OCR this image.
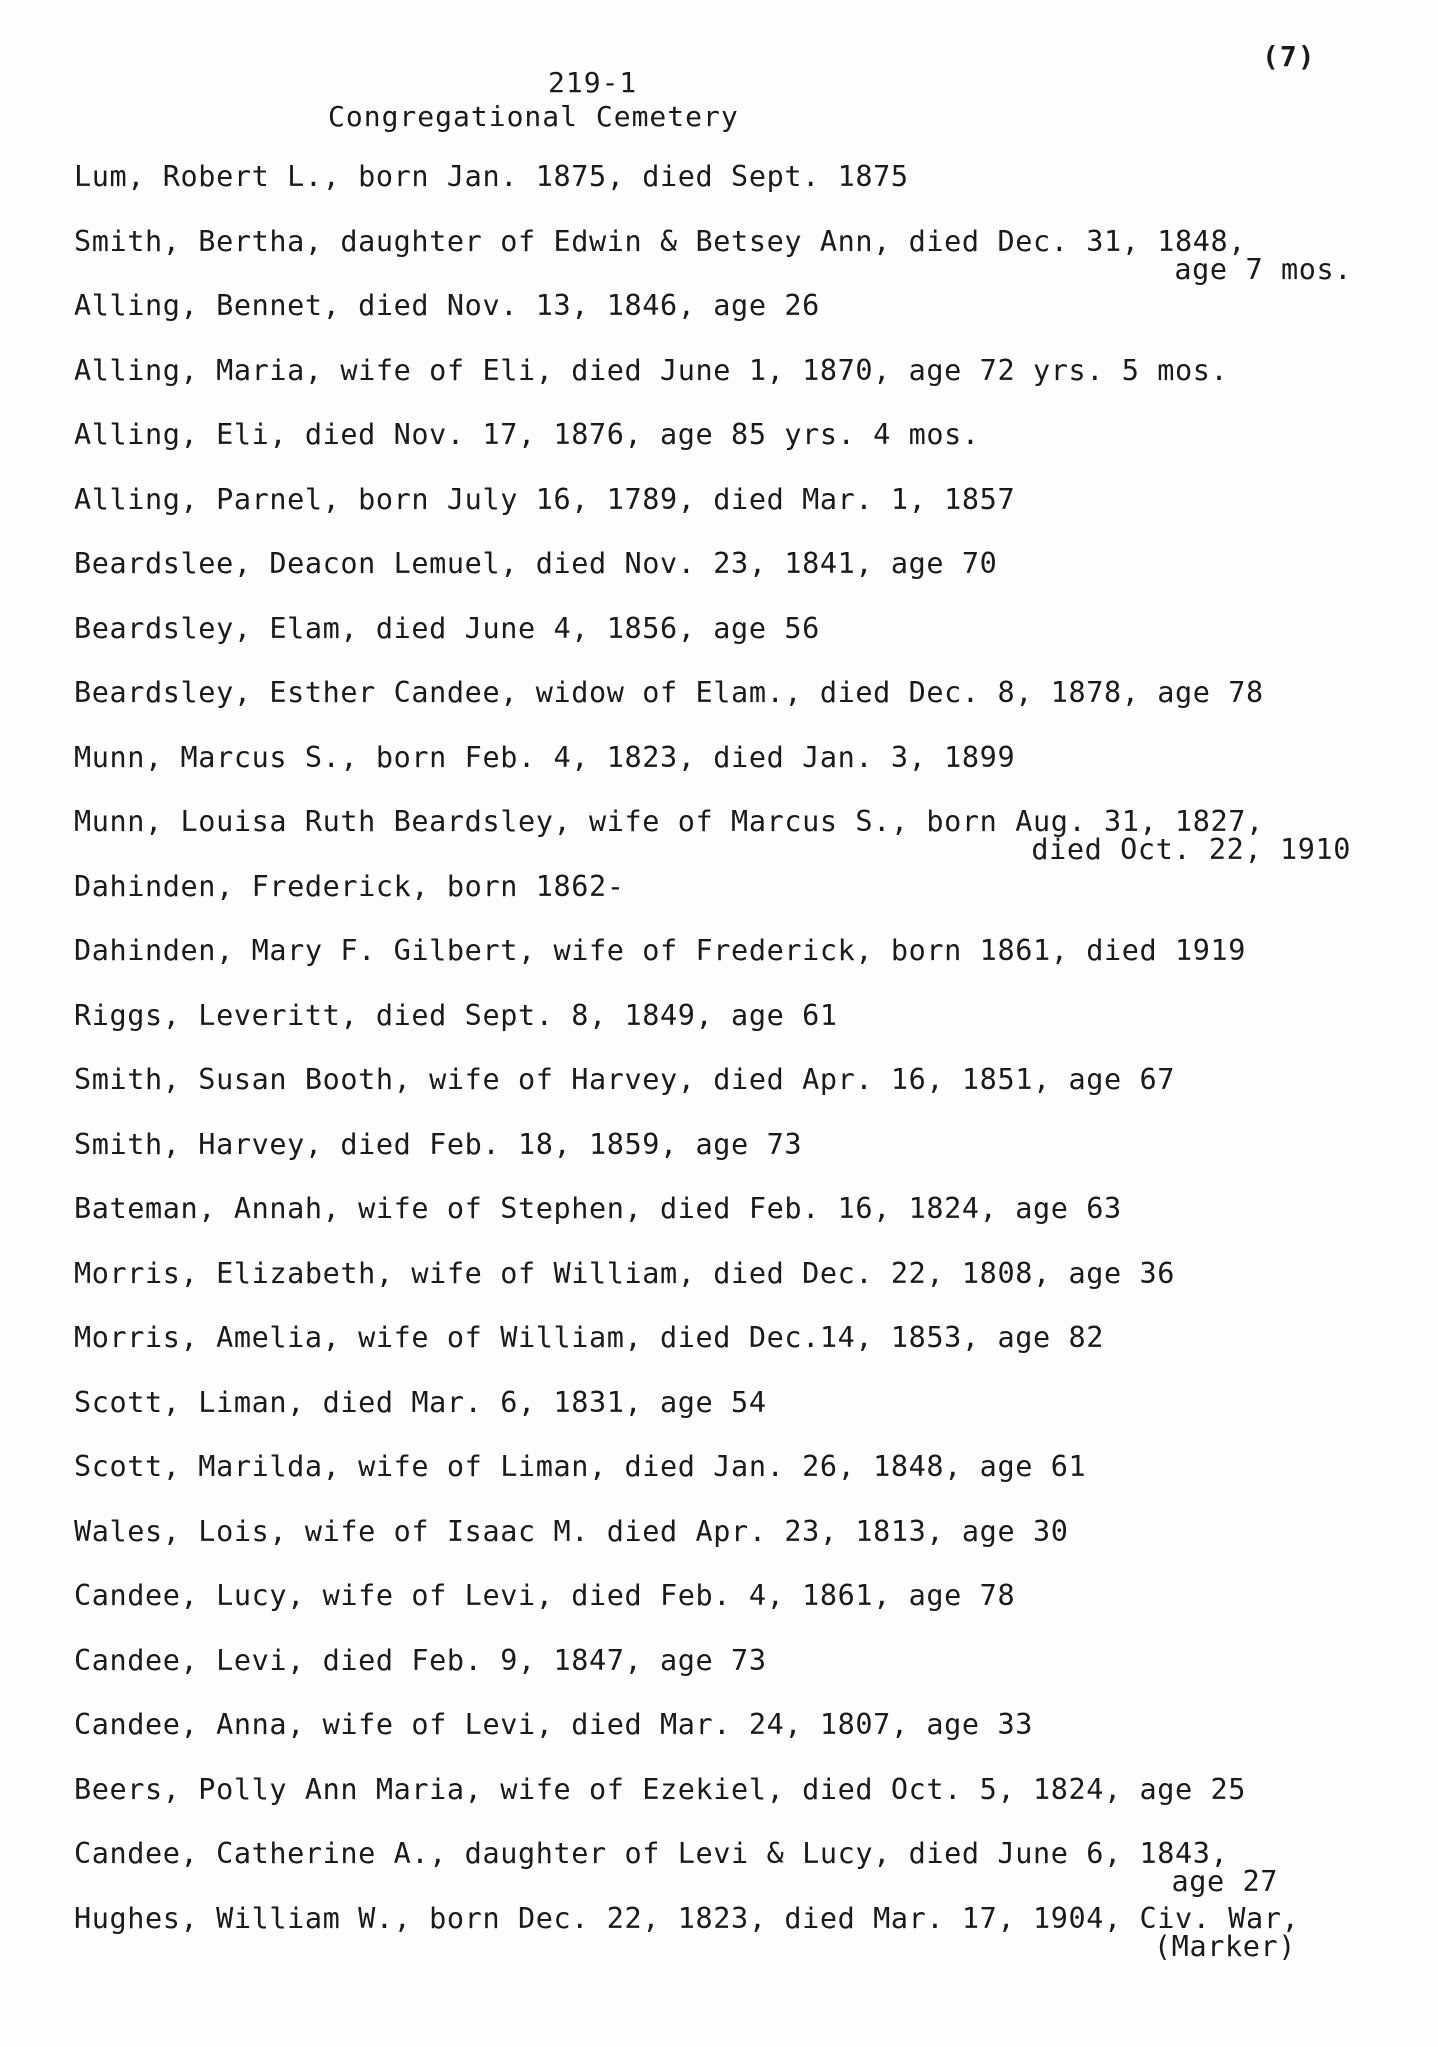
(7)
219-1
Congregational Cemetery
Lum, Robert L., born Jan. 1875, died Sept. 1875
Smith, Bertha, daughter of Edwin & Betsey Ann, died Dec. 31, 1848,
age 7 mos.
Alling, Bennet, died Nov. 13, 1846, age 26
Alling, Maria, wife of Eli, died June 1, 1870, age 72 yrs. 5 mos.
Alling, Eli, died Nov. 17, 1876, age 85 yrs. 4 mos.
Alling, Parnel, born July 16, 1789, died Mar. 1, 1857
Beardslee, Deacon Lemuel, died Nov. 23, 1841, age 70
Beardsley, Elam, died June 4, 1856, age 56
Beardsley, Esther Candee, widow of Elam., died Dec. 8, 1878, age 78
Munn, Marcus S., born Feb. 4, 1823, died Jan. 3, 1899
Munn, Louisa Ruth Beardsley, wife of Marcus S., born Aug. 31, 1827,
died Oct. 22, 1910
Dahinden, Frederick, born 1862-
Dahinden, Mary F. Gilbert, wife of Frederick, born 1861, died 1919
Riggs, Leveritt, died Sept. 8, 1849, age 61
Smith, Susan Booth, wife of Harvey, died Apr. 16, 1851, age 67
Smith, Harvey, died Feb. 18, 1859, age 73
Bateman, Annah, wife of Stephen, died Feb. 16, 1824, age 63
Morris, Elizabeth, wife of William, died Dec. 22, 1808, age 36
Morris, Amelia, wife of William, died Dec.14, 1853, age 82
Scott, Liman, died Mar. 6, 1831, age 54
Scott, Marilda, wife of Liman, died Jan. 26, 1848, age 61
Wales, Lois, wife of Isaac M. died Apr. 23, 1813, age 30
Candee, Lucy, wife of Levi, died Feb. 4, 1861, age 78
Candee, Levi, died Feb. 9, 1847, age 73
Candee, Anna, wife of Levi, died Mar. 24, 1807, age 33
Beers, Polly Ann Maria, wife of Ezekiel, died Oct. 5, 1824, age 25
Candee, Catherine A., daughter of Levi & Lucy, died June 6, 1843,
age 27
Hughes, William W., born Dec. 22, 1823, died Mar. 17, 1904, Civ. War,
(Marker)
